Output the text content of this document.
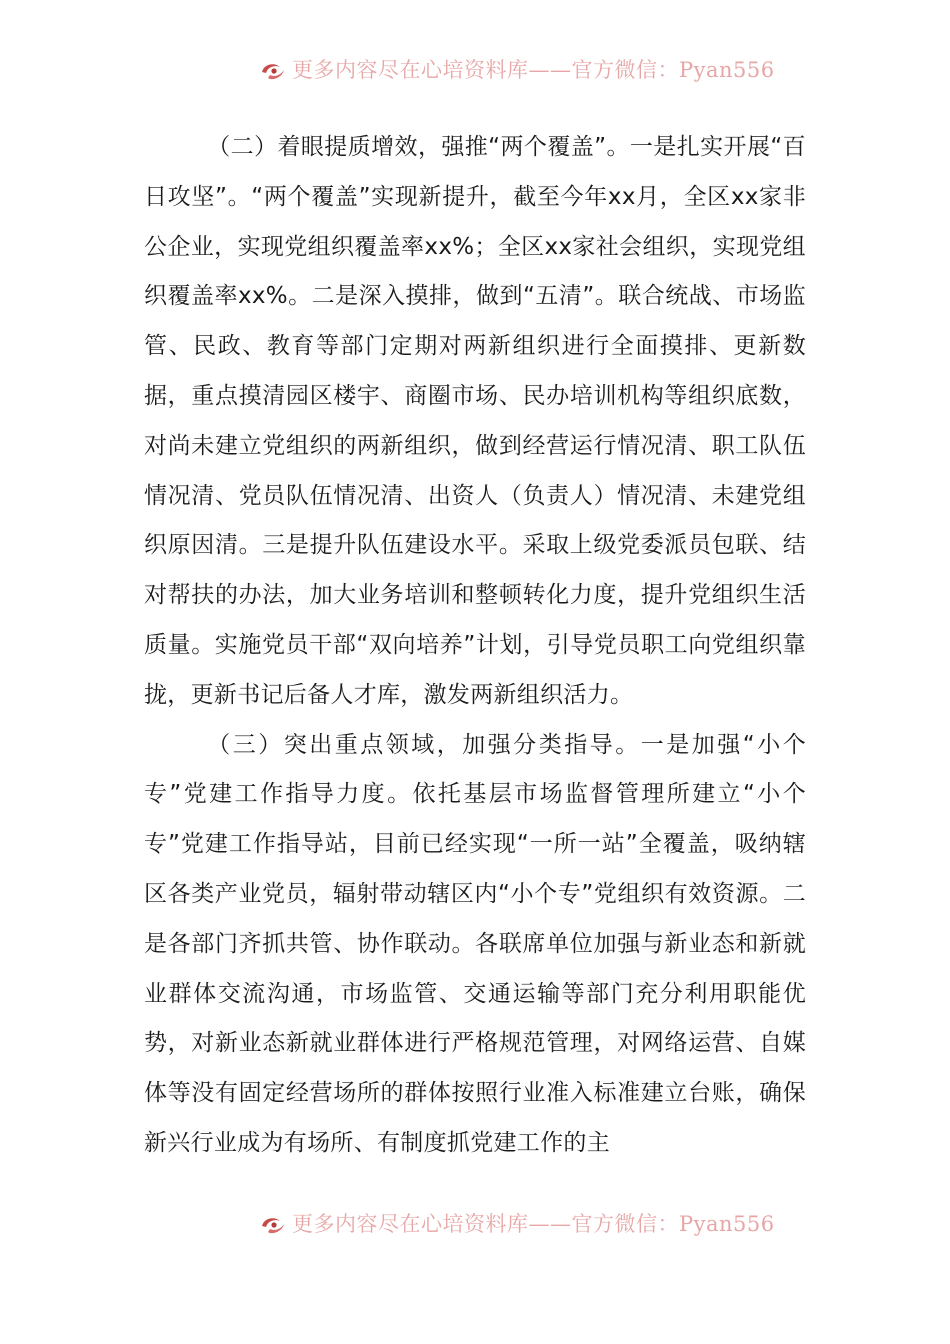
更多内容尽在心培资料库——官方微信：Pyan556

（二）着眼提质增效，强推“两个覆盖”。一是扎实开展“百日攻坚”。“两个覆盖”实现新提升，截至今年xx月，全区xx家非公企业，实现党组织覆盖率xx%；全区xx家社会组织，实现党组织覆盖率xx%。二是深入摸排，做到“五清”。联合统战、市场监管、民政、教育等部门定期对两新组织进行全面摸排、更新数据，重点摸清园区楼宇、商圈市场、民办培训机构等组织底数，对尚未建立党组织的两新组织，做到经营运行情况清、职工队伍情况清、党员队伍情况清、出资人（负责人）情况清、未建党组织原因清。三是提升队伍建设水平。采取上级党委派员包联、结对帮扶的办法，加大业务培训和整顿转化力度，提升党组织生活质量。实施党员干部“双向培养”计划，引导党员职工向党组织靠拢，更新书记后备人才库，激发两新组织活力。

（三）突出重点领域，加强分类指导。一是加强“小个专”党建工作指导力度。依托基层市场监督管理所建立“小个专”党建工作指导站，目前已经实现“一所一站”全覆盖，吸纳辖区各类产业党员，辐射带动辖区内“小个专”党组织有效资源。二是各部门齐抓共管、协作联动。各联席单位加强与新业态和新就业群体交流沟通，市场监管、交通运输等部门充分利用职能优势，对新业态新就业群体进行严格规范管理，对网络运营、自媒体等没有固定经营场所的群体按照行业准入标准建立台账，确保新兴行业成为有场所、有制度抓党建工作的主

更多内容尽在心培资料库——官方微信：Pyan556
